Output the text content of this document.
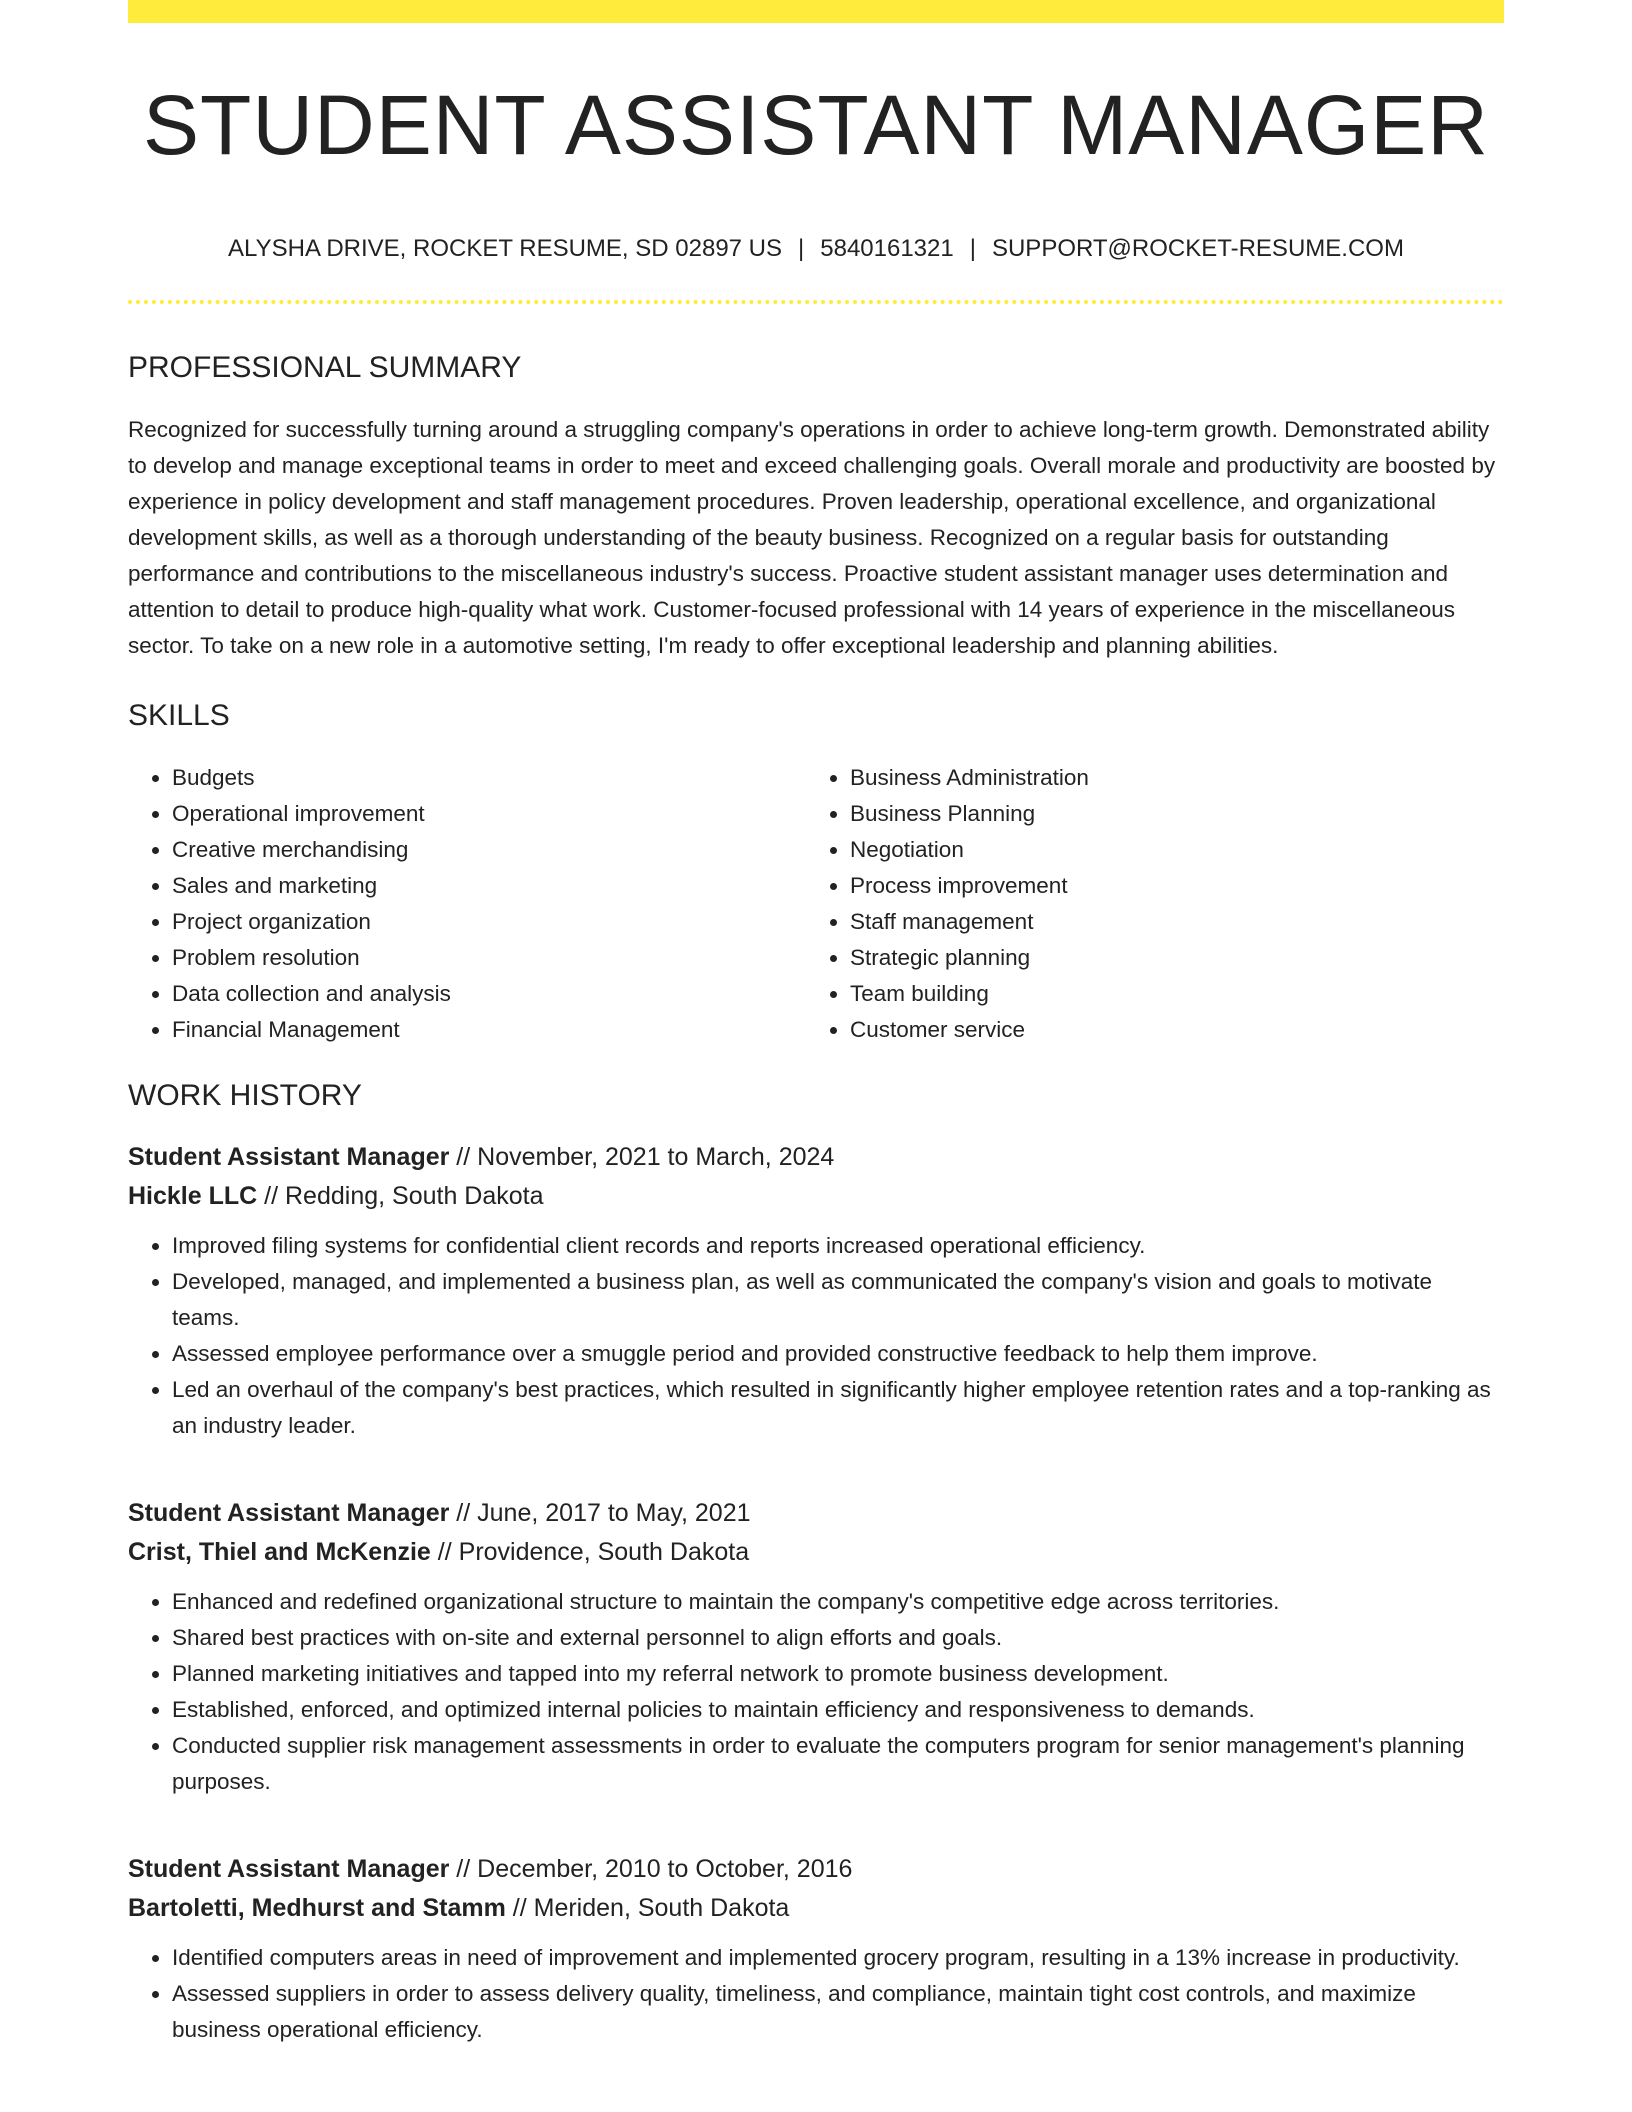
STUDENT ASSISTANT MANAGER
ALYSHA DRIVE, ROCKET RESUME, SD 02897 US | 5840161321 | SUPPORT@ROCKET-RESUME.COM
PROFESSIONAL SUMMARY

Recognized for successfully turning around a struggling company's operations in order to achieve long-term growth. Demonstrated ability to develop and manage exceptional teams in order to meet and exceed challenging goals. Overall morale and productivity are boosted by experience in policy development and staff management procedures. Proven leadership, operational excellence, and organizational development skills, as well as a thorough understanding of the beauty business. Recognized on a regular basis for outstanding performance and contributions to the miscellaneous industry's success. Proactive student assistant manager uses determination and attention to detail to produce high-quality what work. Customer-focused professional with 14 years of experience in the miscellaneous sector. To take on a new role in a automotive setting, I'm ready to offer exceptional leadership and planning abilities.

SKILLS
• Budgets
• Operational improvement
• Creative merchandising
• Sales and marketing
• Project organization
• Problem resolution
• Data collection and analysis
• Financial Management
• Business Administration
• Business Planning
• Negotiation
• Process improvement
• Staff management
• Strategic planning
• Team building
• Customer service
WORK HISTORY
Student Assistant Manager // November, 2021 to March, 2024
Hickle LLC // Redding, South Dakota
• Improved filing systems for confidential client records and reports increased operational efficiency.
• Developed, managed, and implemented a business plan, as well as communicated the company's vision and goals to motivate teams.
• Assessed employee performance over a smuggle period and provided constructive feedback to help them improve.
• Led an overhaul of the company's best practices, which resulted in significantly higher employee retention rates and a top-ranking as an industry leader.
Student Assistant Manager // June, 2017 to May, 2021
Crist, Thiel and McKenzie // Providence, South Dakota
• Enhanced and redefined organizational structure to maintain the company's competitive edge across territories.
• Shared best practices with on-site and external personnel to align efforts and goals.
• Planned marketing initiatives and tapped into my referral network to promote business development.
• Established, enforced, and optimized internal policies to maintain efficiency and responsiveness to demands.
• Conducted supplier risk management assessments in order to evaluate the computers program for senior management's planning purposes.
Student Assistant Manager // December, 2010 to October, 2016
Bartoletti, Medhurst and Stamm // Meriden, South Dakota
• Identified computers areas in need of improvement and implemented grocery program, resulting in a 13% increase in productivity.
• Assessed suppliers in order to assess delivery quality, timeliness, and compliance, maintain tight cost controls, and maximize business operational efficiency.
